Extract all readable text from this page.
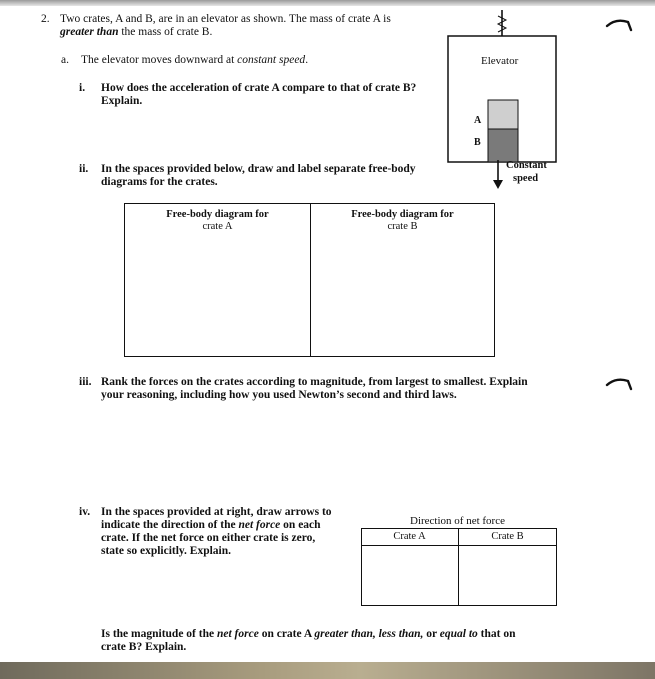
2. Two crates, A and B, are in an elevator as shown. The mass of crate A is
greater than the mass of crate B.
a. The elevator moves downward at constant speed.
i. How does the acceleration of crate A compare to that of crate B?
Explain.
ii. In the spaces provided below, draw and label separate free-body
diagrams for the crates.
Elevator
A
B
Constant
speed
Free-body diagram for
crate A
Free-body diagram for
crate B
iii. Rank the forces on the crates according to magnitude, from largest to smallest. Explain
your reasoning, including how you used Newton’s second and third laws.
iv. In the spaces provided at right, draw arrows to
indicate the direction of the net force on each
crate. If the net force on either crate is zero,
state so explicitly. Explain.
Direction of net force
Crate A	Crate B
Is the magnitude of the net force on crate A greater than, less than, or equal to that on
crate B? Explain.
